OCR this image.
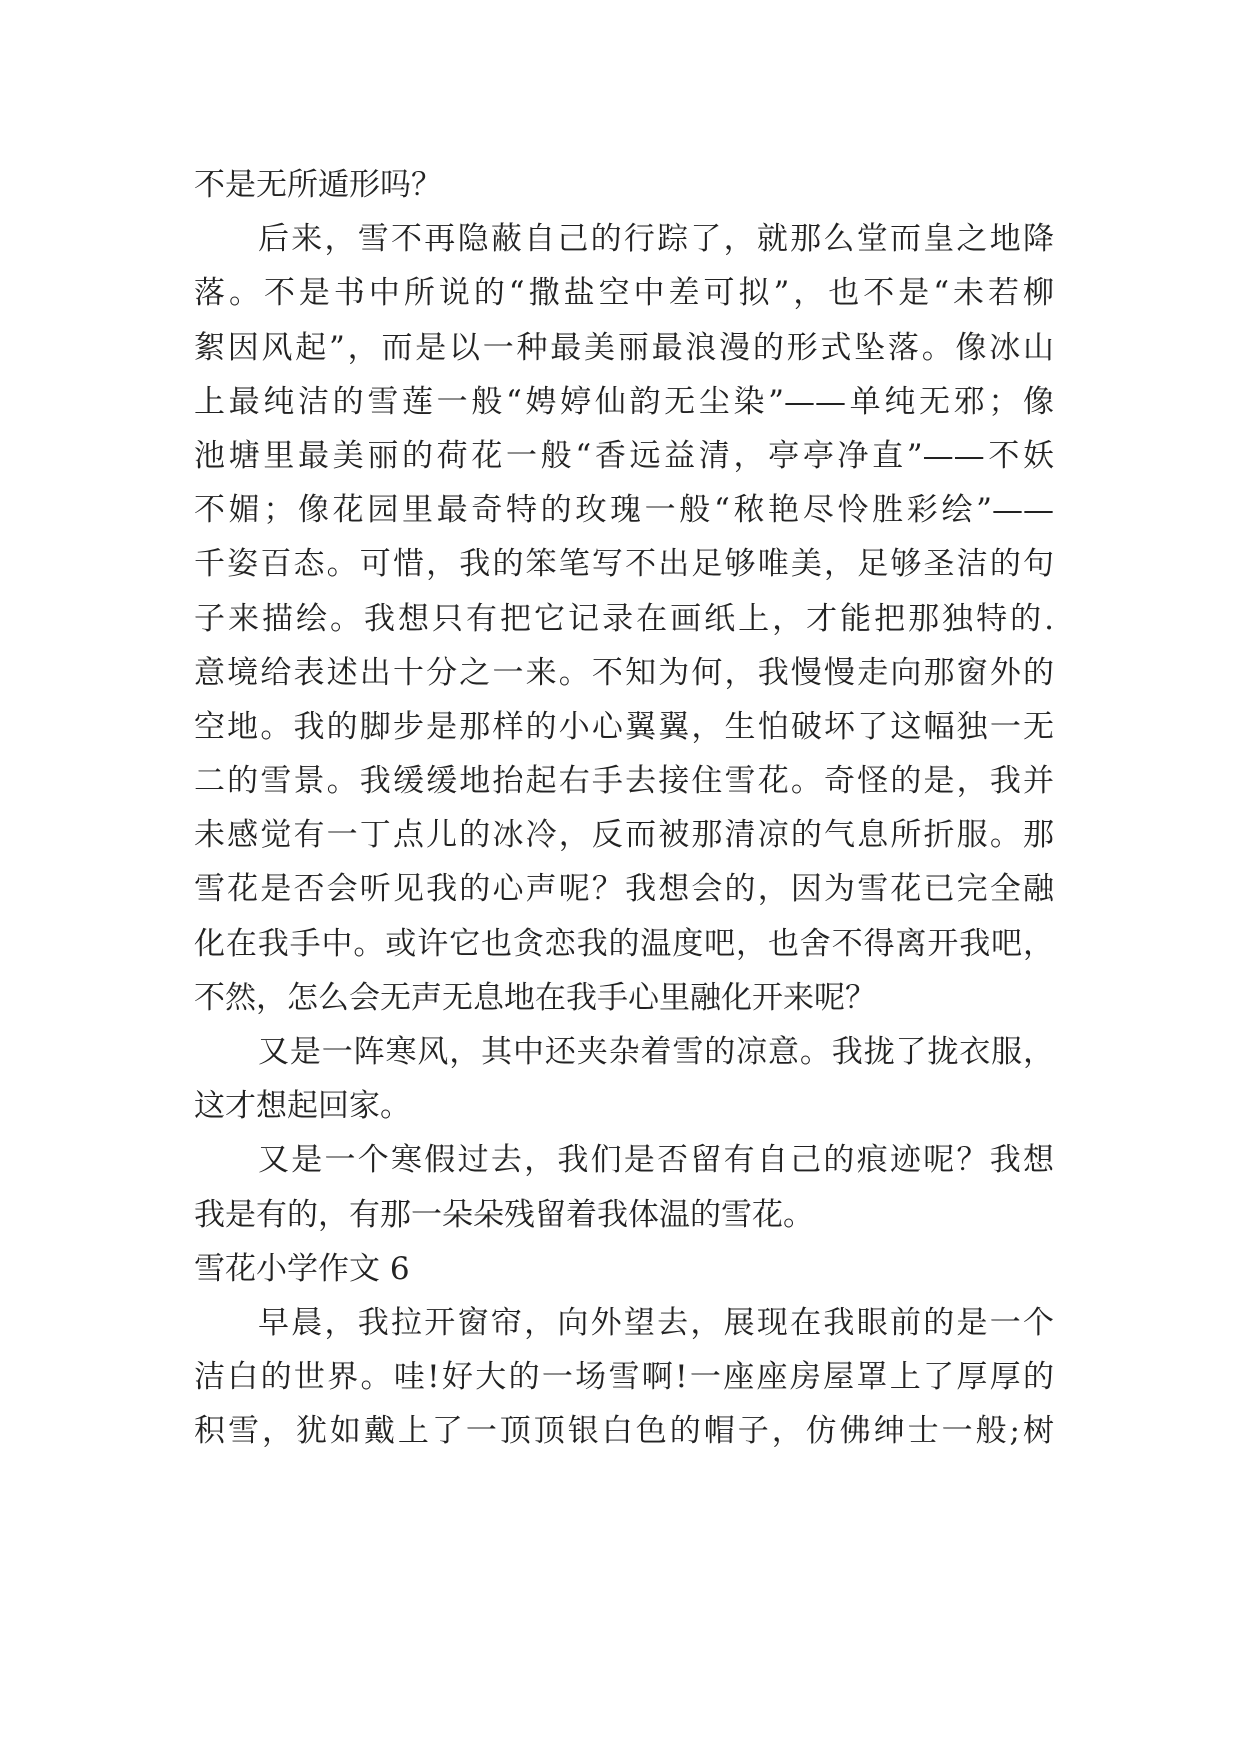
不是无所遁形吗？
后来，雪不再隐蔽自己的行踪了，就那么堂而皇之地降
落。不是书中所说的“撒盐空中差可拟”，也不是“未若柳
絮因风起”，而是以一种最美丽最浪漫的形式坠落。像冰山
上最纯洁的雪莲一般“娉婷仙韵无尘染”——单纯无邪；像
池塘里最美丽的荷花一般“香远益清，亭亭净直”——不妖
不媚；像花园里最奇特的玫瑰一般“秾艳尽怜胜彩绘”——
千姿百态。可惜，我的笨笔写不出足够唯美，足够圣洁的句
子来描绘。我想只有把它记录在画纸上，才能把那独特的.
意境给表述出十分之一来。不知为何，我慢慢走向那窗外的
空地。我的脚步是那样的小心翼翼，生怕破坏了这幅独一无
二的雪景。我缓缓地抬起右手去接住雪花。奇怪的是，我并
未感觉有一丁点儿的冰冷，反而被那清凉的气息所折服。那
雪花是否会听见我的心声呢？我想会的，因为雪花已完全融
化在我手中。或许它也贪恋我的温度吧，也舍不得离开我吧，
不然，怎么会无声无息地在我手心里融化开来呢？
又是一阵寒风，其中还夹杂着雪的凉意。我拢了拢衣服，
这才想起回家。
又是一个寒假过去，我们是否留有自己的痕迹呢？我想
我是有的，有那一朵朵残留着我体温的雪花。
雪花小学作文 6
早晨，我拉开窗帘，向外望去，展现在我眼前的是一个
洁白的世界。哇!好大的一场雪啊!一座座房屋罩上了厚厚的
积雪，犹如戴上了一顶顶银白色的帽子，仿佛绅士一般;树
